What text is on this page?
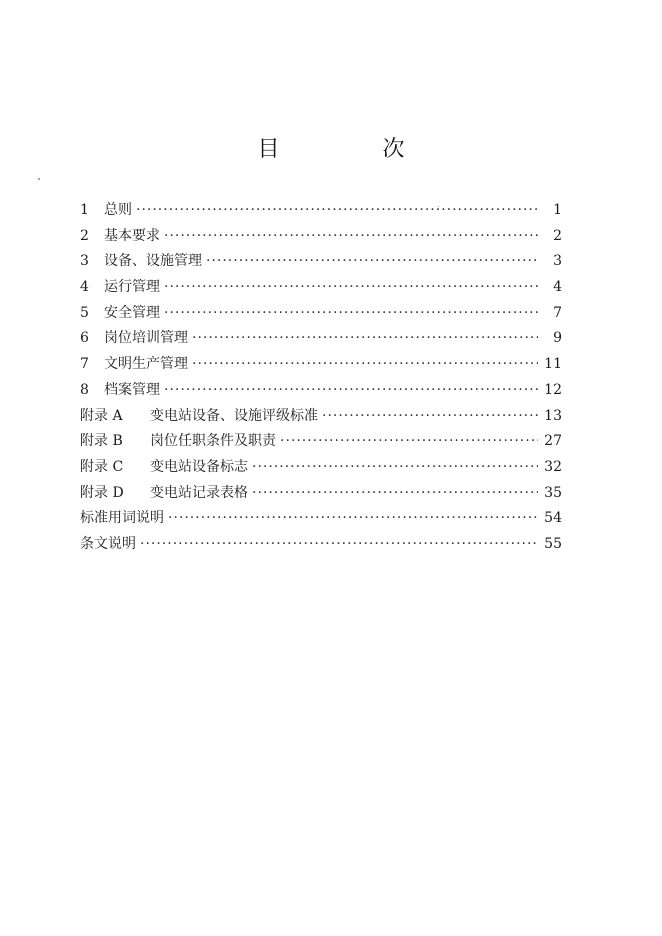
目 次
1	总则 ·····	1
2	基本要求 ·····	2
3	设备、设施管理 ·····	3
4	运行管理 ·····	4
5	安全管理 ·····	7
6	岗位培训管理 ·····	9
7	文明生产管理 ·····	11
8	档案管理 ·····	12
附录 A	变电站设备、设施评级标准 ·····	13
附录 B	岗位任职条件及职责 ·····	27
附录 C	变电站设备标志 ·····	32
附录 D	变电站记录表格 ·····	35
标准用词说明 ·····	54
条文说明 ·····	55
